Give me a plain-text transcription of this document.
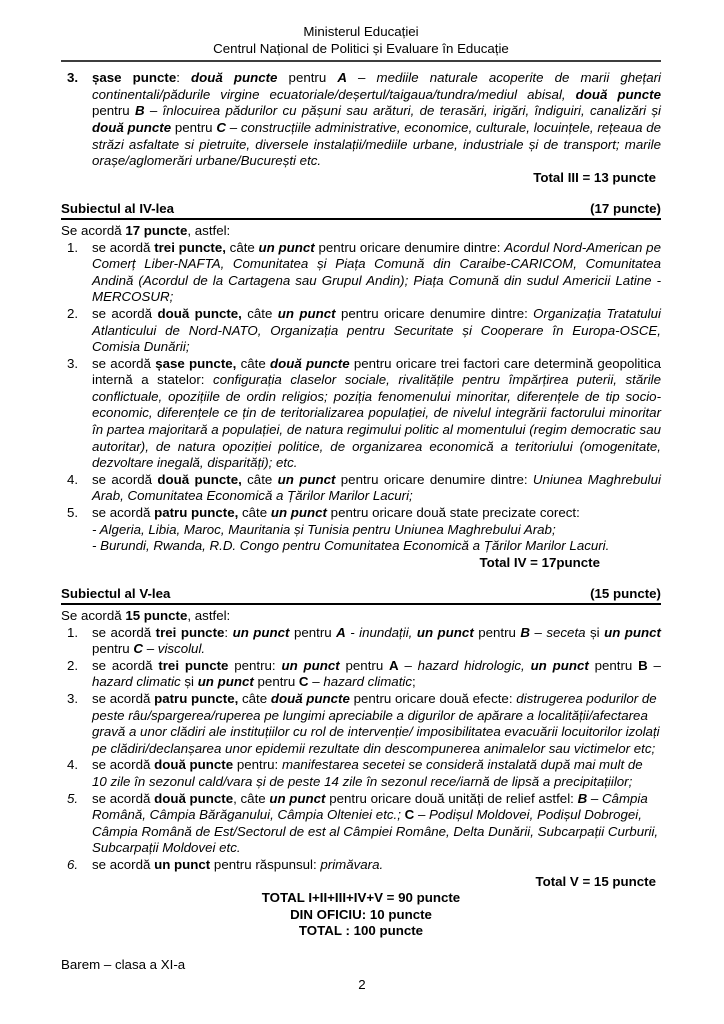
Ministerul Educației
Centrul Național de Politici și Evaluare în Educație
3.	șase puncte: două puncte pentru A – mediile naturale acoperite de marii ghețari continentali/pădurile virgine ecuatoriale/deșertul/taigaua/tundra/mediul abisal, două puncte pentru B – înlocuirea pădurilor cu pășuni sau arături, de terasări, irigări, îndiguiri, canalizări și două puncte pentru C – construcțiile administrative, economice, culturale, locuințele, rețeaua de străzi asfaltate si pietruite, diversele instalații/mediile urbane, industriale și de transport; marile orașe/aglomerări urbane/București etc.
Total III = 13 puncte
Subiectul al IV-lea	(17 puncte)
Se acordă 17 puncte, astfel:
1.	se acordă trei puncte, câte un punct pentru oricare denumire dintre: Acordul Nord-American pe Comerț Liber-NAFTA, Comunitatea și Piața Comună din Caraibe-CARICOM, Comunitatea Andină (Acordul de la Cartagena sau Grupul Andin); Piața Comună din sudul Americii Latine - MERCOSUR;
2.	se acordă două puncte, câte un punct pentru oricare denumire dintre: Organizația Tratatului Atlanticului de Nord-NATO, Organizația pentru Securitate și Cooperare în Europa-OSCE, Comisia Dunării;
3.	se acordă șase puncte, câte două puncte pentru oricare trei factori care determină geopolitica internă a statelor: configurația claselor sociale, rivalitățile pentru împărțirea puterii, stările conflictuale, opozițiile de ordin religios; poziția fenomenului minoritar, diferențele de tip socio-economic, diferențele ce țin de teritorializarea populației, de nivelul integrării factorului minoritar în partea majoritară a populației, de natura regimului politic al momentului (regim democratic sau autoritar), de natura opoziției politice, de organizarea economică a teritoriului (omogenitate, dezvoltare inegală, disparități); etc.
4.	se acordă două puncte, câte un punct pentru oricare denumire dintre: Uniunea Maghrebului Arab, Comunitatea Economică a Țărilor Marilor Lacuri;
5.	se acordă patru puncte, câte un punct pentru oricare două state precizate corect:
- Algeria, Libia, Maroc, Mauritania și Tunisia pentru Uniunea Maghrebului Arab;
- Burundi, Rwanda, R.D. Congo pentru Comunitatea Economică a Țărilor Marilor Lacuri.
Total IV = 17puncte
Subiectul al V-lea	(15 puncte)
Se acordă 15 puncte, astfel:
1.	se acordă trei puncte: un punct pentru A - inundații, un punct pentru B – seceta și un punct pentru C – viscolul.
2.	se acordă trei puncte pentru: un punct pentru A – hazard hidrologic, un punct pentru B – hazard climatic și un punct pentru C – hazard climatic;
3.	se acordă patru puncte, câte două puncte pentru oricare două efecte: distrugerea podurilor de peste râu/spargerea/ruperea pe lungimi apreciabile a digurilor de apărare a localității/afectarea gravă a unor clădiri ale instituțiilor cu rol de intervenție/ imposibilitatea evacuării locuitorilor izolați pe clădiri/declanșarea unor epidemii rezultate din descompunerea animalelor sau victimelor etc;
4.	se acordă două puncte pentru: manifestarea secetei se consideră instalată după mai mult de 10 zile în sezonul cald/vara și de peste 14 zile în sezonul rece/iarnă de lipsă a precipitațiilor;
5.	se acordă două puncte, câte un punct pentru oricare două unități de relief astfel: B – Câmpia Română, Câmpia Bărăganului, Câmpia Olteniei etc.; C – Podișul Moldovei, Podișul Dobrogei, Câmpia Română de Est/Sectorul de est al Câmpiei Române, Delta Dunării, Subcarpații Curburii, Subcarpații Moldovei etc.
6.	se acordă un punct pentru răspunsul: primăvara.
Total V = 15 puncte
TOTAL I+II+III+IV+V = 90 puncte
DIN OFICIU: 10 puncte
TOTAL : 100 puncte
Barem – clasa a XI-a
2
